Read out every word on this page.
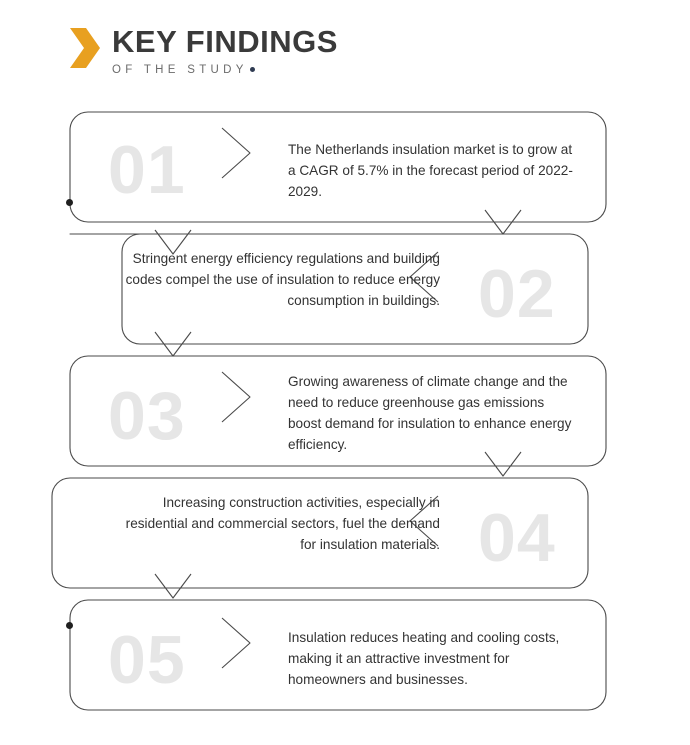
KEY FINDINGS
OF THE STUDY
01	The Netherlands insulation market is to grow at a CAGR of 5.7% in the forecast period of 2022-2029.
02
Stringent energy efficiency regulations and building codes compel the use of insulation to reduce energy consumption in buildings.
03	Growing awareness of climate change and the need to reduce greenhouse gas emissions boost demand for insulation to enhance energy efficiency.
04
Increasing construction activities, especially in residential and commercial sectors, fuel the demand for insulation materials.
05	Insulation reduces heating and cooling costs, making it an attractive investment for homeowners and businesses.
